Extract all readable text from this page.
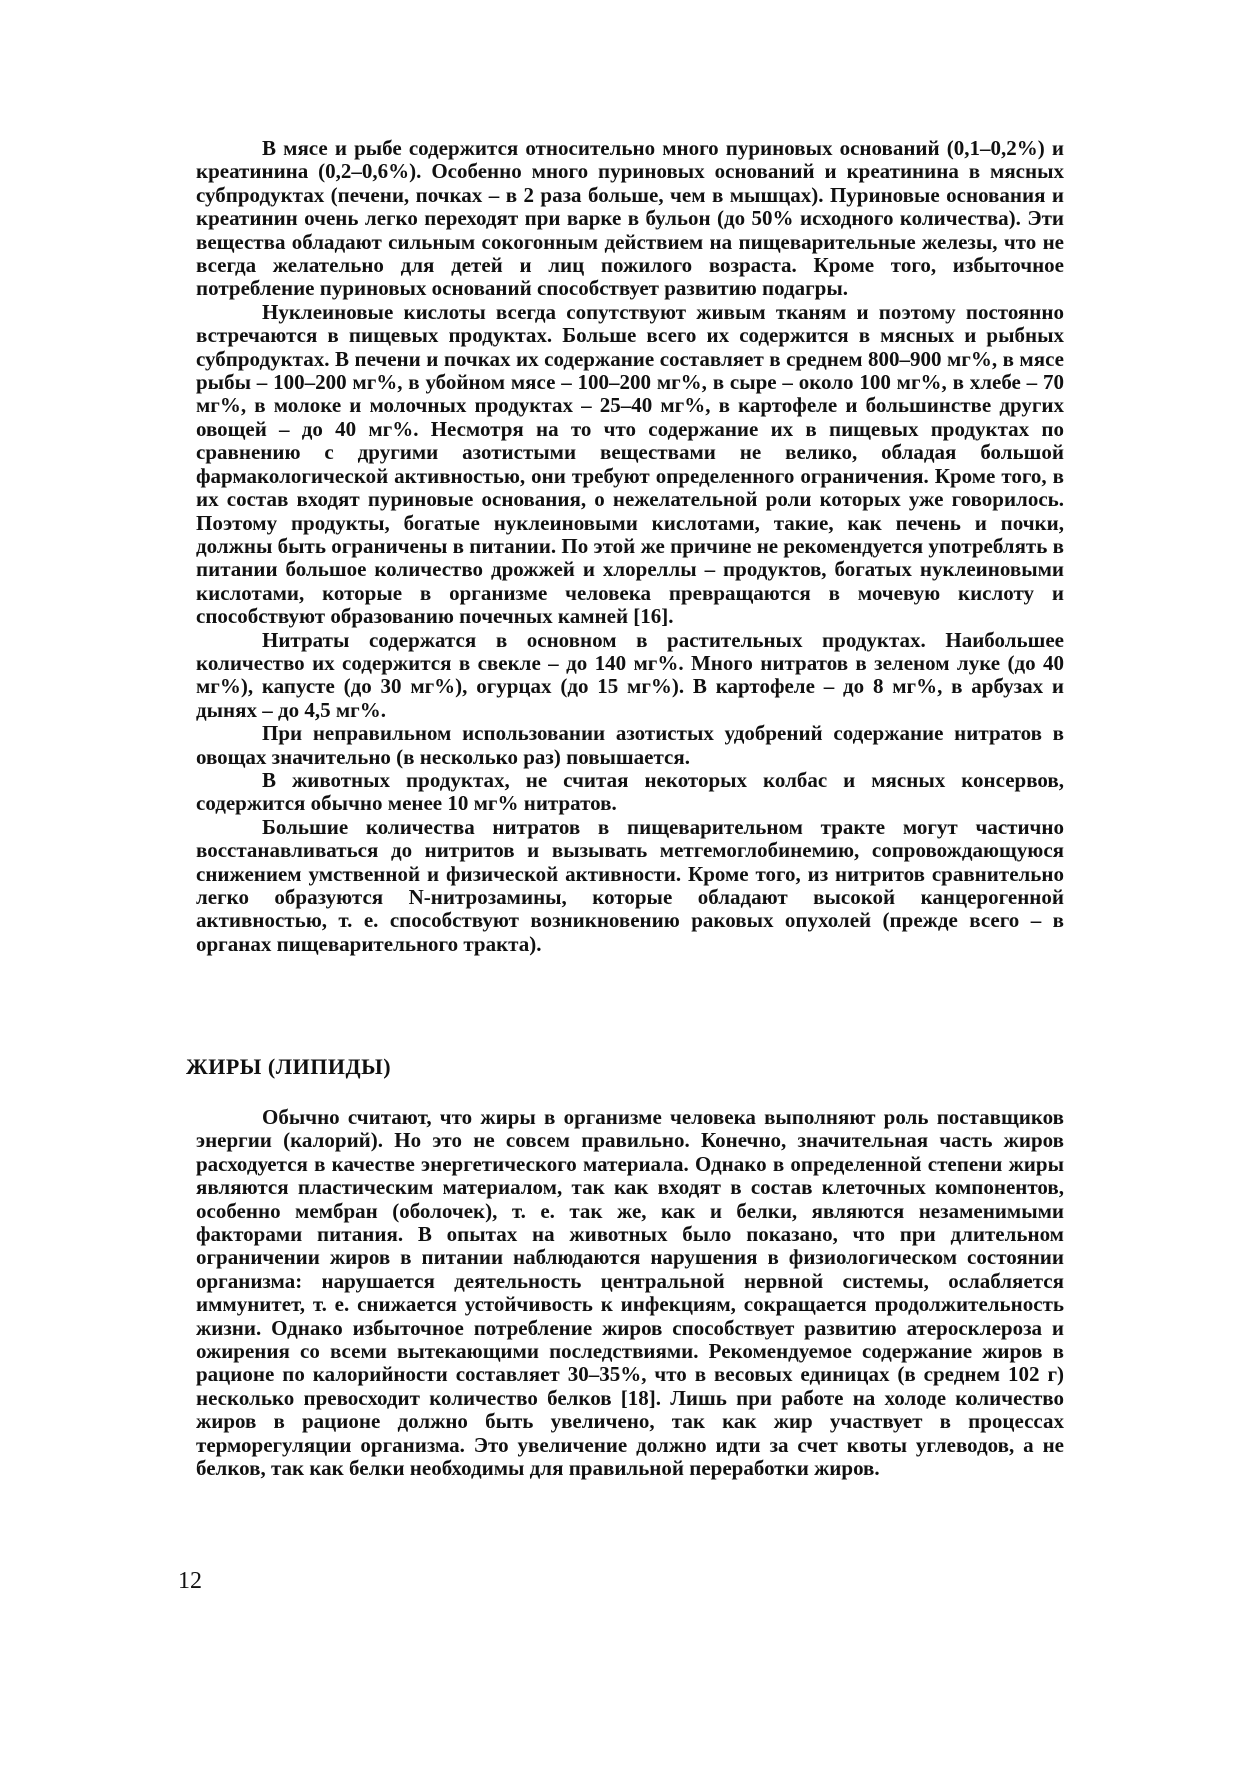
В мясе и рыбе содержится относительно много пуриновых оснований (0,1–0,2%) и креатинина (0,2–0,6%). Особенно много пуриновых оснований и креатинина в мясных субпродуктах (печени, почках – в 2 раза больше, чем в мышцах). Пуриновые основания и креатинин очень легко переходят при варке в бульон (до 50% исходного количества). Эти вещества обладают сильным сокогонным действием на пищеварительные железы, что не всегда желательно для детей и лиц пожилого возраста. Кроме того, избыточное потребление пуриновых оснований способствует развитию подагры.

Нуклеиновые кислоты всегда сопутствуют живым тканям и поэтому постоянно встречаются в пищевых продуктах. Больше всего их содержится в мясных и рыбных субпродуктах. В печени и почках их содержание составляет в среднем 800–900 мг%, в мясе рыбы – 100–200 мг%, в убойном мясе – 100–200 мг%, в сыре – около 100 мг%, в хлебе – 70 мг%, в молоке и молочных продуктах – 25–40 мг%, в картофеле и большинстве других овощей – до 40 мг%. Несмотря на то что содержание их в пищевых продуктах по сравнению с другими азотистыми веществами не велико, обладая большой фармакологической активностью, они требуют определенного ограничения. Кроме того, в их состав входят пуриновые основания, о нежелательной роли которых уже говорилось. Поэтому продукты, богатые нуклеиновыми кислотами, такие, как печень и почки, должны быть ограничены в питании. По этой же причине не рекомендуется употреблять в питании большое количество дрожжей и хлореллы – продуктов, богатых нуклеиновыми кислотами, которые в организме человека превращаются в мочевую кислоту и способствуют образованию почечных камней [16].

Нитраты содержатся в основном в растительных продуктах. Наибольшее количество их содержится в свекле – до 140 мг%. Много нитратов в зеленом луке (до 40 мг%), капусте (до 30 мг%), огурцах (до 15 мг%). В картофеле – до 8 мг%, в арбузах и дынях – до 4,5 мг%.

При неправильном использовании азотистых удобрений содержание нитратов в овощах значительно (в несколько раз) повышается.

В животных продуктах, не считая некоторых колбас и мясных консервов, содержится обычно менее 10 мг% нитратов.

Большие количества нитратов в пищеварительном тракте могут частично восстанавливаться до нитритов и вызывать метгемоглобинемию, сопровождающуюся снижением умственной и физической активности. Кроме того, из нитритов сравнительно легко образуются N-нитрозамины, которые обладают высокой канцерогенной активностью, т. е. способствуют возникновению раковых опухолей (прежде всего – в органах пищеварительного тракта).

ЖИРЫ (ЛИПИДЫ)

Обычно считают, что жиры в организме человека выполняют роль поставщиков энергии (калорий). Но это не совсем правильно. Конечно, значительная часть жиров расходуется в качестве энергетического материала. Однако в определенной степени жиры являются пластическим материалом, так как входят в состав клеточных компонентов, особенно мембран (оболочек), т. е. так же, как и белки, являются незаменимыми факторами питания. В опытах на животных было показано, что при длительном ограничении жиров в питании наблюдаются нарушения в физиологическом состоянии организма: нарушается деятельность центральной нервной системы, ослабляется иммунитет, т. е. снижается устойчивость к инфекциям, сокращается продолжительность жизни. Однако избыточное потребление жиров способствует развитию атеросклероза и ожирения со всеми вытекающими последствиями. Рекомендуемое содержание жиров в рационе по калорийности составляет 30–35%, что в весовых единицах (в среднем 102 г) несколько превосходит количество белков [18]. Лишь при работе на холоде количество жиров в рационе должно быть увеличено, так как жир участвует в процессах терморегуляции организма. Это увеличение должно идти за счет квоты углеводов, а не белков, так как белки необходимы для правильной переработки жиров.

12
